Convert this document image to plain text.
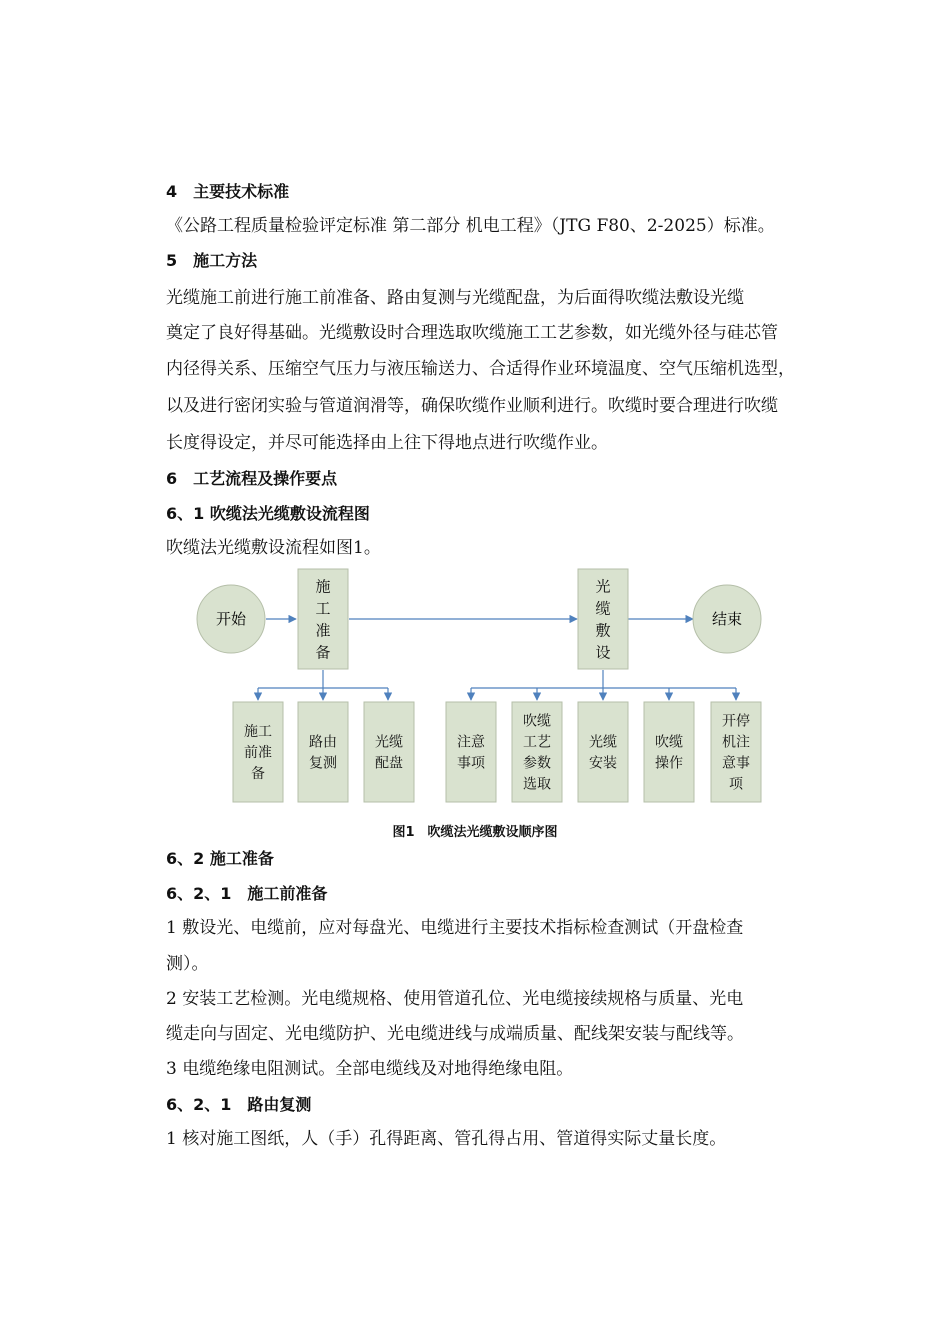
4　主要技术标准
《公路工程质量检验评定标准 第二部分 机电工程》（JTG F80、2-2025）标准。
5　施工方法
光缆施工前进行施工前准备、路由复测与光缆配盘，为后面得吹缆法敷设光缆
奠定了良好得基础。光缆敷设时合理选取吹缆施工工艺参数，如光缆外径与硅芯管
内径得关系、压缩空气压力与液压输送力、合适得作业环境温度、空气压缩机选型，
以及进行密闭实验与管道润滑等，确保吹缆作业顺利进行。吹缆时要合理进行吹缆
长度得设定，并尽可能选择由上往下得地点进行吹缆作业。
6　工艺流程及操作要点
6、1 吹缆法光缆敷设流程图
吹缆法光缆敷设流程如图1。
开始	结束
施
工
准
备
光
缆
敷
设
施工
前准
备
路由
复测
光缆
配盘
注意
事项
吹缆
工艺
参数
选取
光缆
安装
吹缆
操作
开停
机注
意事
项
图1　吹缆法光缆敷设顺序图
6、2 施工准备
6、2、1　施工前准备
1 敷设光、电缆前，应对每盘光、电缆进行主要技术指标检查测试（开盘检查
测）。
2 安装工艺检测。光电缆规格、使用管道孔位、光电缆接续规格与质量、光电
缆走向与固定、光电缆防护、光电缆进线与成端质量、配线架安装与配线等。
3 电缆绝缘电阻测试。全部电缆线及对地得绝缘电阻。
6、2、1　路由复测
1 核对施工图纸，人（手）孔得距离、管孔得占用、管道得实际丈量长度。
